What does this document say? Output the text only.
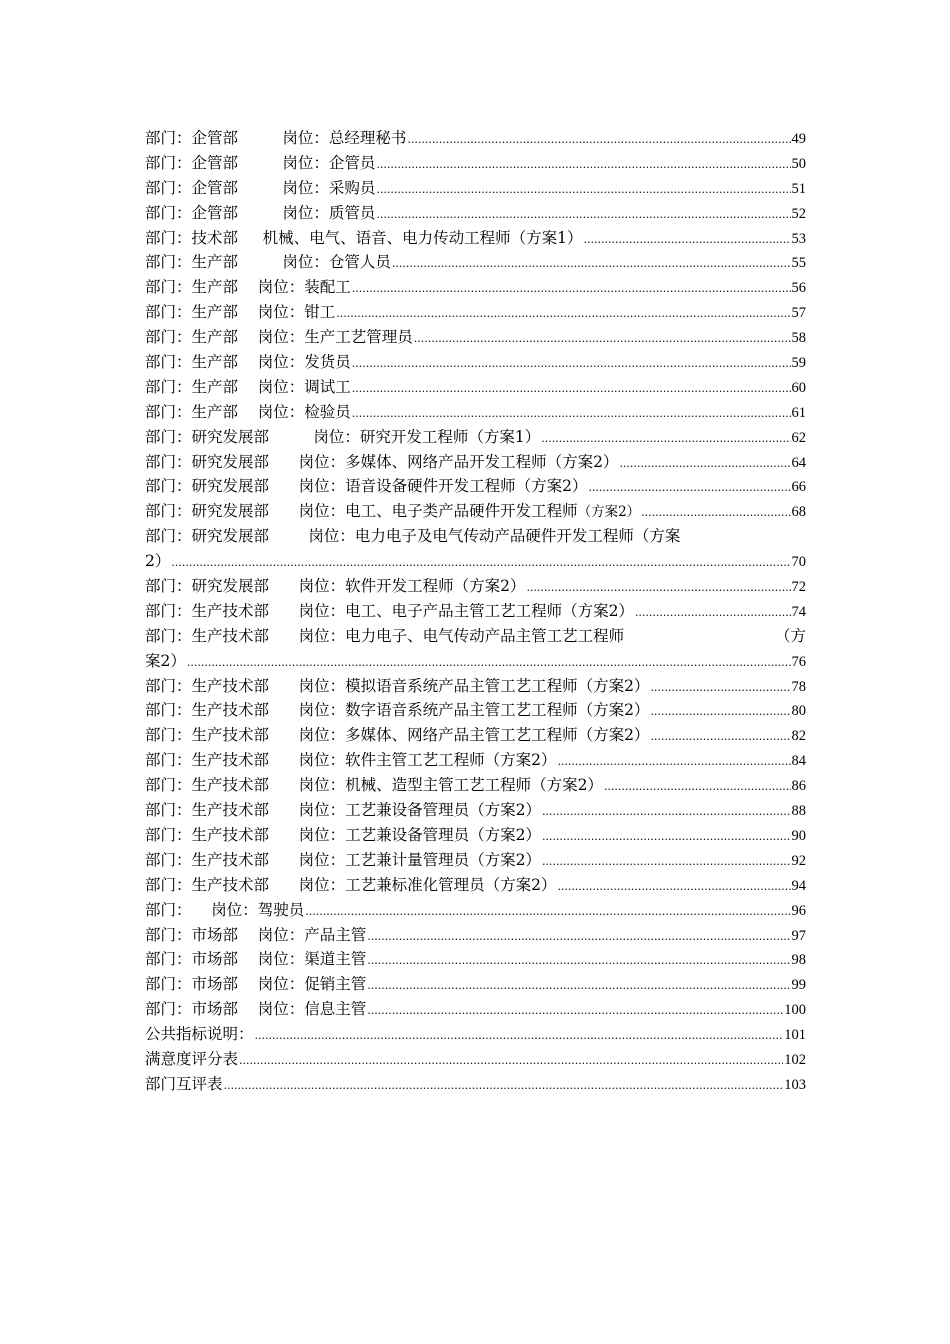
部门：企管部         岗位：总经理秘书 .....	49
部门：企管部         岗位：企管员 .....	50
部门：企管部         岗位：采购员 .....	51
部门：企管部         岗位：质管员 .....	52
部门：技术部     机械、电气、语音、电力传动工程师（方案1） .....	53
部门：生产部         岗位：仓管人员 .....	55
部门：生产部    岗位：装配工 .....	56
部门：生产部    岗位：钳工 .....	57
部门：生产部    岗位：生产工艺管理员 .....	58
部门：生产部    岗位：发货员 .....	59
部门：生产部    岗位：调试工 .....	60
部门：生产部    岗位：检验员 .....	61
部门：研究发展部         岗位：研究开发工程师（方案1） .....	62
部门：研究发展部      岗位：多媒体、网络产品开发工程师（方案2） .....	64
部门：研究发展部      岗位：语音设备硬件开发工程师（方案2） .....	66
部门：研究发展部      岗位：电工、电子类产品硬件开发工程师 （方案2） .....	68
部门：研究发展部        岗位：电力电子及电气传动产品硬件开发工程师（方案
2） .....	70
部门：研究发展部      岗位：软件开发工程师（方案2） .....	72
部门：生产技术部      岗位：电工、电子产品主管工艺工程师（方案2） .....	74
部门：生产技术部      岗位：电力电子、电气传动产品主管工艺工程师	（方
案2） .....	76
部门：生产技术部      岗位：模拟语音系统产品主管工艺工程师（方案2） .....	78
部门：生产技术部      岗位：数字语音系统产品主管工艺工程师（方案2） .....	80
部门：生产技术部      岗位：多媒体、网络产品主管工艺工程师（方案2） .....	82
部门：生产技术部      岗位：软件主管工艺工程师（方案2） .....	84
部门：生产技术部      岗位：机械、造型主管工艺工程师（方案2） .....	86
部门：生产技术部      岗位：工艺兼设备管理员（方案2） .....	88
部门：生产技术部      岗位：工艺兼设备管理员（方案2） .....	90
部门：生产技术部      岗位：工艺兼计量管理员（方案2） .....	92
部门：生产技术部      岗位：工艺兼标准化管理员（方案2） .....	94
部门：    岗位：驾驶员 .....	96
部门：市场部    岗位：产品主管 .....	97
部门：市场部    岗位：渠道主管 .....	98
部门：市场部    岗位：促销主管 .....	99
部门：市场部    岗位：信息主管 .....	100
公共指标说明： .....	101
满意度评分表 .....	102
部门互评表 .....	103
